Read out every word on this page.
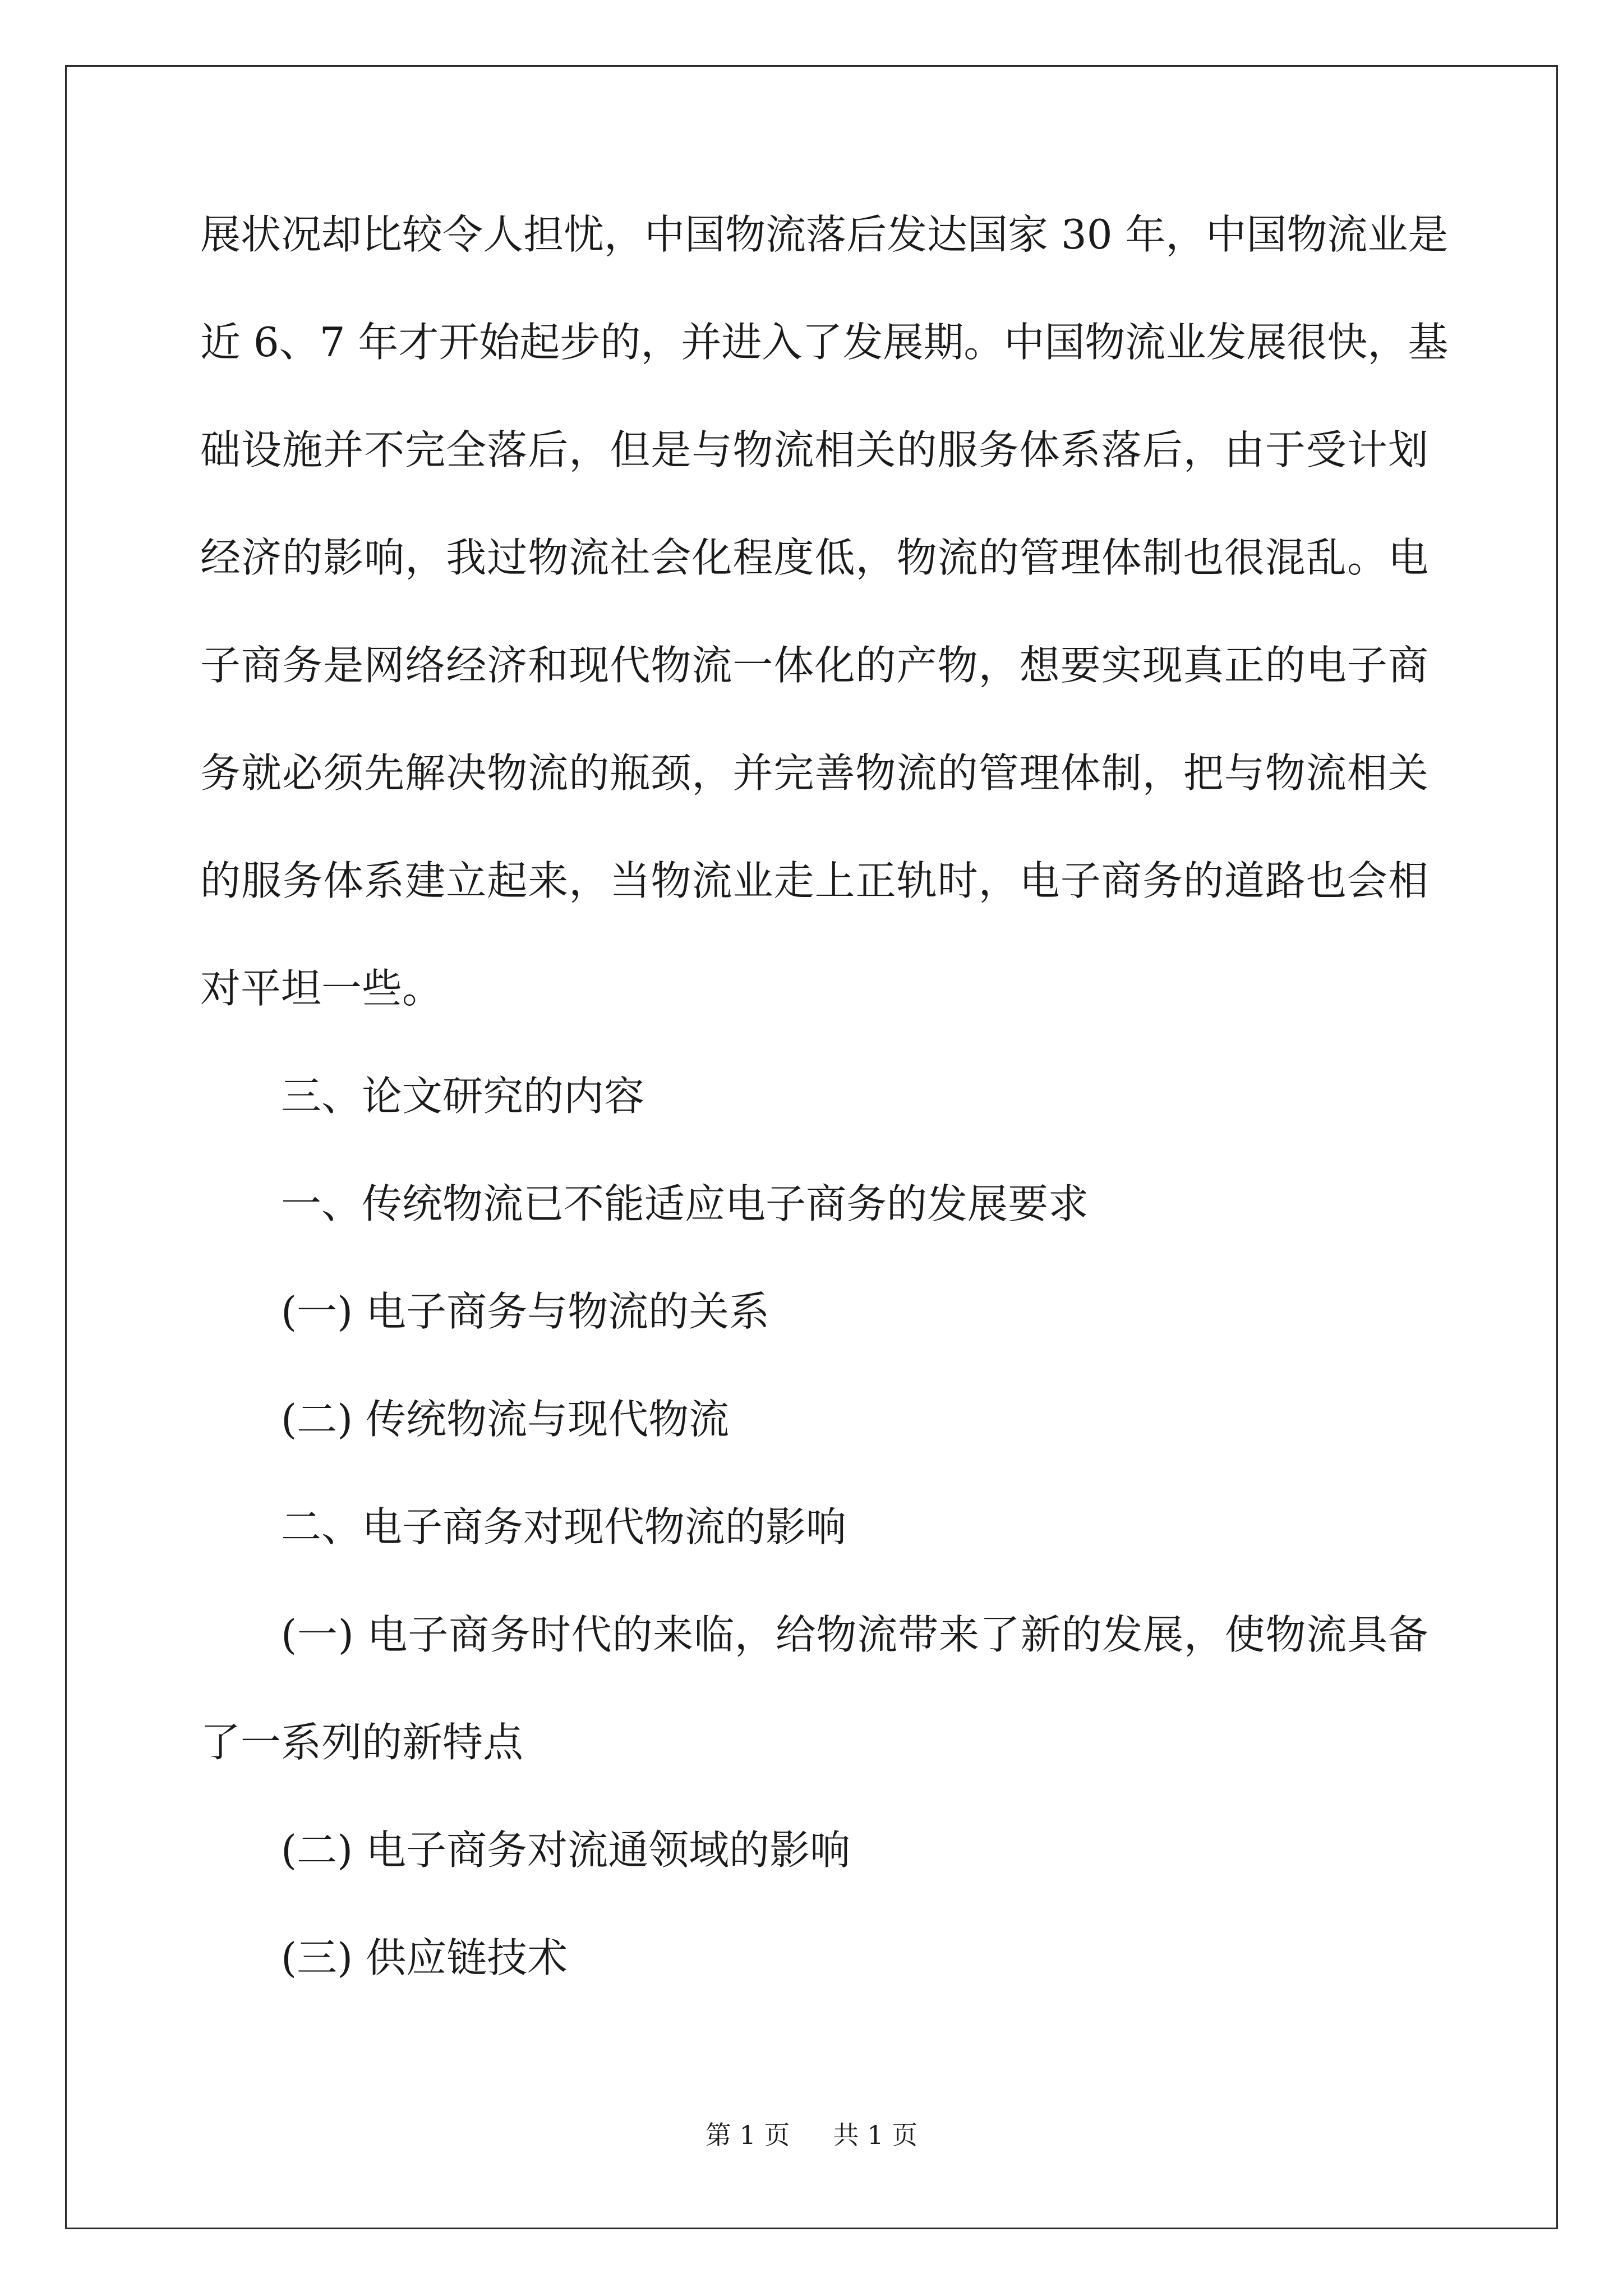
展状况却比较令人担忧，中国物流落后发达国家 30 年，中国物流业是
近 6、7 年才开始起步的，并进入了发展期。中国物流业发展很快，基
础设施并不完全落后，但是与物流相关的服务体系落后，由于受计划
经济的影响，我过物流社会化程度低，物流的管理体制也很混乱。电
子商务是网络经济和现代物流一体化的产物，想要实现真正的电子商
务就必须先解决物流的瓶颈，并完善物流的管理体制，把与物流相关
的服务体系建立起来，当物流业走上正轨时，电子商务的道路也会相
对平坦一些。
三、论文研究的内容
一、传统物流已不能适应电子商务的发展要求
(一) 电子商务与物流的关系
(二) 传统物流与现代物流
二、电子商务对现代物流的影响
(一) 电子商务时代的来临，给物流带来了新的发展，使物流具备
了一系列的新特点
(二) 电子商务对流通领域的影响
(三) 供应链技术
第 1 页 共 1 页
